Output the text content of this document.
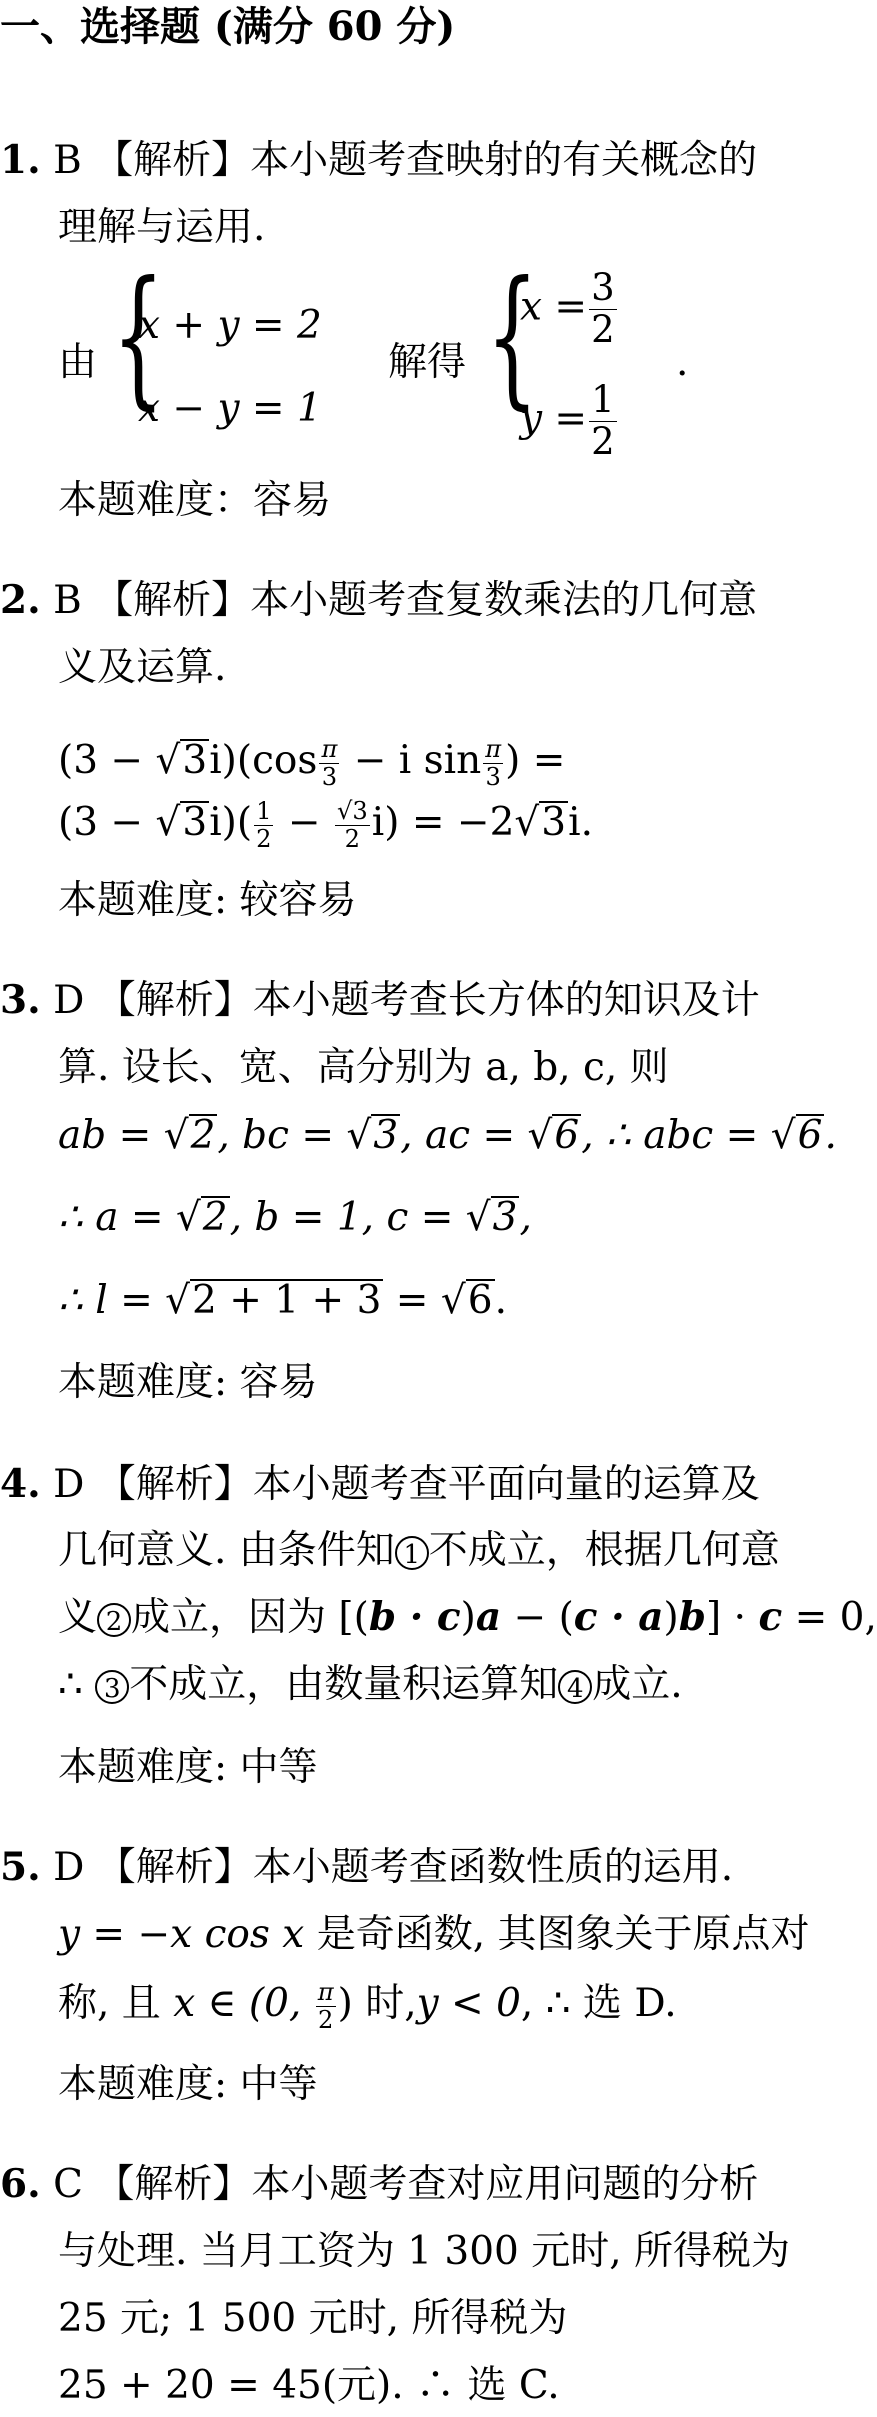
一、选择题 (满分 60 分)
1. B 【解析】本小题考查映射的有关概念的
理解与运用.
由 {
x + y = 2
x − y = 1
解得 {
$x = \frac{3}{2}$
$y = \frac{1}{2}$
.
本题难度：容易
2. B 【解析】本小题考查复数乘法的几何意
义及运算.
$(3 - √3i)(\cos \frac{\pi}{3} - i$ $\sin \frac{\pi}{3}$ ) =
$(3 - √3i)( \frac{1}{2} - \frac{√3}{2} i) = -2√3i$.
本题难度: 较容易
3. D 【解析】本小题考查长方体的知识及计
算. 设长、宽、高分别为 a, b, c, 则
ab = √2, bc = √3, ac = √6, ∴ abc = √6.
∴ a = √2, b = 1, c = √3,
∴ l = √2 + 1 + 3 = √6.
本题难度: 容易
4. D 【解析】本小题考查平面向量的运算及
几何意义. 由条件知 1 不成立，根据几何意
义 2 成立，因为 [(b · c)a − (c · a)b] · c = 0,
∴ 3 不成立，由数量积运算知 4 成立.
本题难度: 中等
5. D 【解析】本小题考查函数性质的运用.
y = −x cos x 是奇函数, 其图象关于原点对
称, 且 x ∈ (0, $\frac{\pi}{2}$ ) 时,y < 0, ∴ 选 D.
本题难度: 中等
6. C 【解析】本小题考查对应用问题的分析
与处理. 当月工资为 1 300 元时, 所得税为
25 元; 1 500 元时, 所得税为
25 + 20 = 45(元). ∴ 选 C.
